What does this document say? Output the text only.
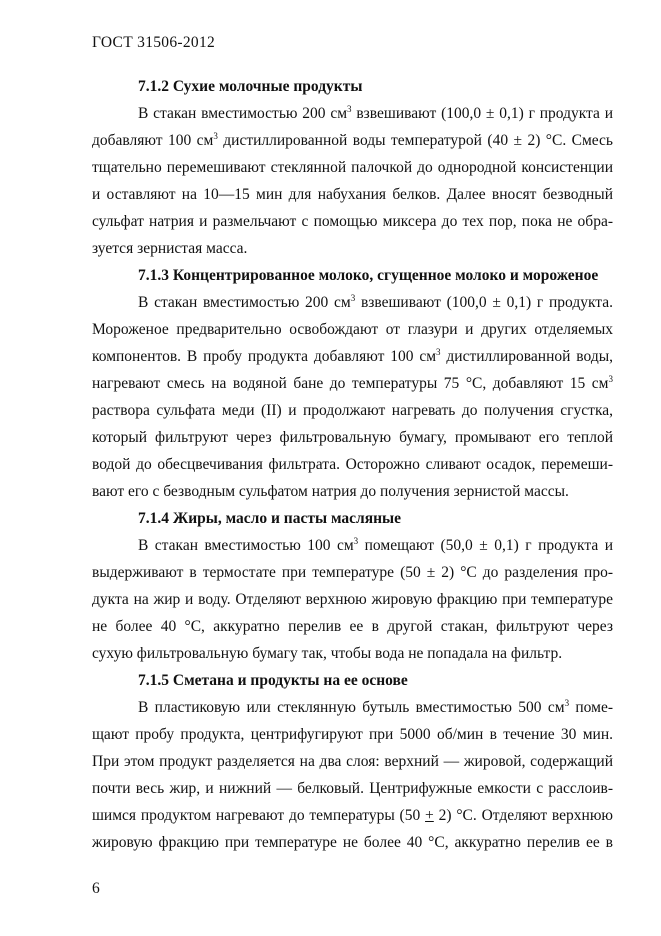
ГОСТ 31506-2012
7.1.2 Сухие молочные продукты
В стакан вместимостью 200 $см^3$ взвешивают (100,0 ± 0,1) г продукта и
добавляют 100 $см^3$ дистиллированной воды температурой (40 ± 2) °С. Смесь
тщательно перемешивают стеклянной палочкой до однородной консистенции
и оставляют на 10—15 мин для набухания белков. Далее вносят безводный
сульфат натрия и размельчают с помощью миксера до тех пор, пока не обра-
зуется зернистая масса.
7.1.3 Концентрированное молоко, сгущенное молоко и мороженое
В стакан вместимостью 200 $см^3$ взвешивают (100,0 ± 0,1) г продукта.
Мороженое предварительно освобождают от глазури и других отделяемых
компонентов. В пробу продукта добавляют 100 $см^3$ дистиллированной воды,
нагревают смесь на водяной бане до температуры 75 °С, добавляют 15 $см^3$
раствора сульфата меди (II) и продолжают нагревать до получения сгустка,
который фильтруют через фильтровальную бумагу, промывают его теплой
водой до обесцвечивания фильтрата. Осторожно сливают осадок, перемеши-
вают его с безводным сульфатом натрия до получения зернистой массы.
7.1.4 Жиры, масло и пасты масляные
В стакан вместимостью 100 $см^3$ помещают (50,0 ± 0,1) г продукта и
выдерживают в термостате при температуре (50 ± 2) °С до разделения про-
дукта на жир и воду. Отделяют верхнюю жировую фракцию при температуре
не более 40 °С, аккуратно перелив ее в другой стакан, фильтруют через
сухую фильтровальную бумагу так, чтобы вода не попадала на фильтр.
7.1.5 Сметана и продукты на ее основе
В пластиковую или стеклянную бутыль вместимостью 500 $см^3$ поме-
щают пробу продукта, центрифугируют при 5000 об/мин в течение 30 мин.
При этом продукт разделяется на два слоя: верхний — жировой, содержащий
почти весь жир, и нижний — белковый. Центрифужные емкости с расслоив-
шимся продуктом нагревают до температуры (50 + 2) °С. Отделяют верхнюю
жировую фракцию при температуре не более 40 °С, аккуратно перелив ее в
6
